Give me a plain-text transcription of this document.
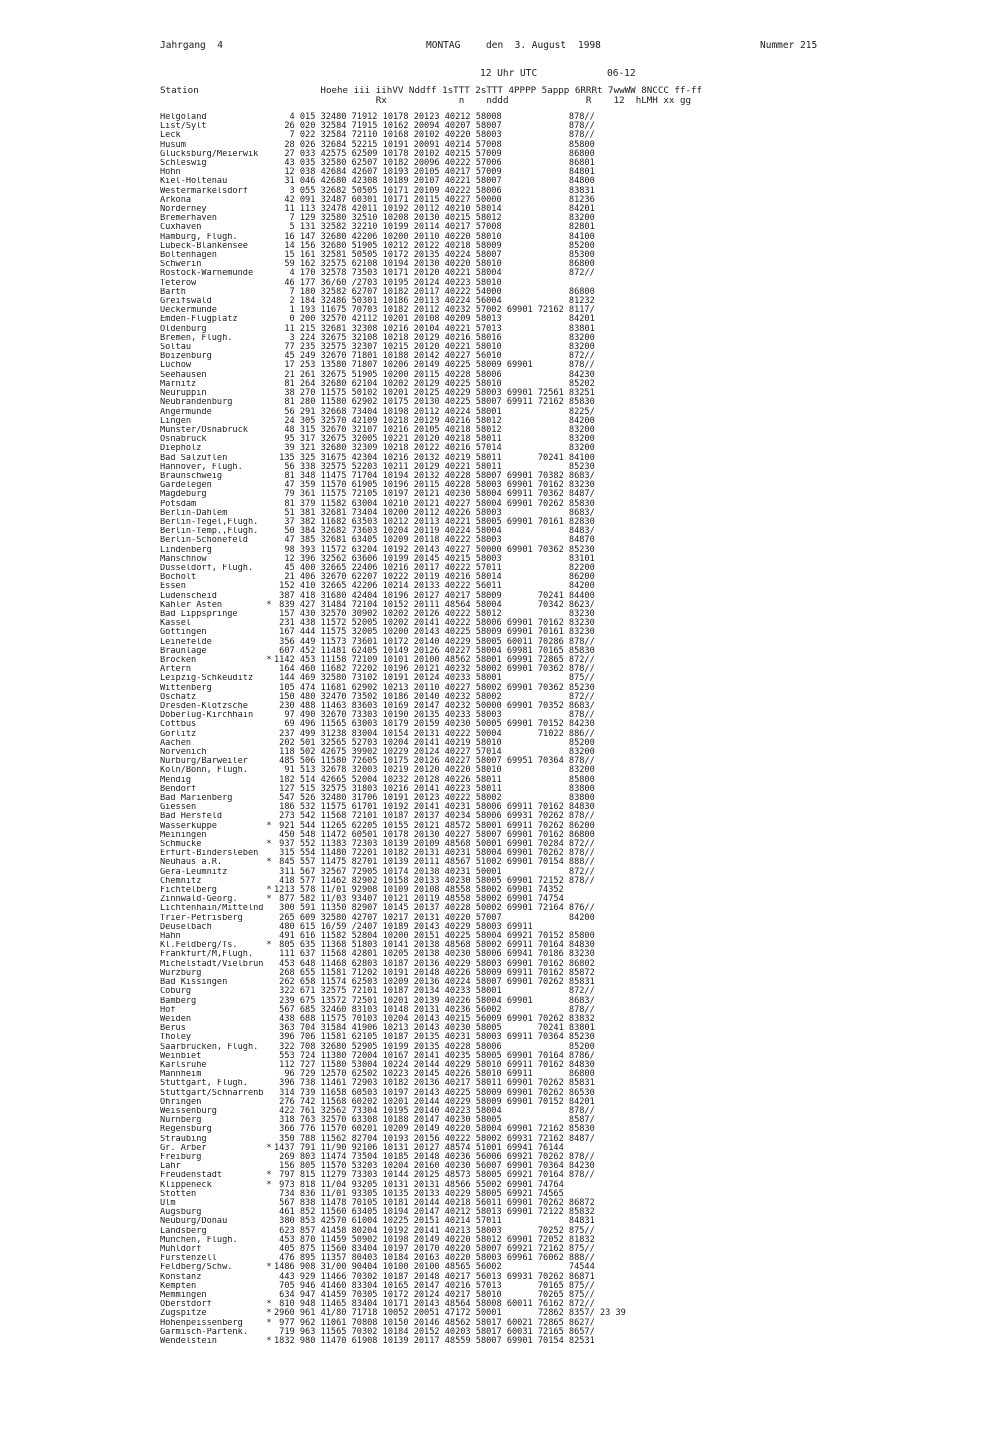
Jahrgang  4	MONTAG	den  3. August 1998	Nummer 215
12 Uhr UTC	06-12
Station                      Hoehe iii iihVV Nddff 1sTTT 2sTTT 4PPPP 5appp 6RRRt 7wwWW 8NCCC ff-ff
Rx             n    nddd              R    12  hLMH xx gg
Helgoland	4 015 32480 71912 10178 20123 40212 58008             878//
List/Sylt	26 020 32584 71915 10162 20094 40207 58007             878//
Leck	7 022 32584 72110 10168 20102 40220 58003             878//
Husum	28 026 32684 52215 10191 20091 40214 57008             85800
Glücksburg/Meierwik	27 033 42575 62509 10178 20102 40215 57009             86800
Schleswig	43 035 32580 62507 10182 20096 40222 57006             86801
Hohn	12 038 42684 42607 10193 20105 40217 57009             84801
Kiel-Holtenau	31 046 42680 42308 10189 20107 40221 58007             84800
Westermarkelsdorf	3 055 32682 50505 10171 20109 40222 58006             83831
Arkona	42 091 32487 60301 10171 20115 40227 50000             81236
Norderney	11 113 32478 42011 10192 20112 40210 58014             84201
Bremerhaven	7 129 32580 32510 10208 20130 40215 58012             83200
Cuxhaven	5 131 32582 32210 10199 20114 40217 57008             82801
Hamburg, Flugh.	16 147 32680 42206 10200 20110 40220 58010             84100
Lübeck-Blankensee	14 156 32680 51905 10212 20122 40218 58009             85200
Boltenhagen	15 161 32581 50505 10172 20135 40224 58007             85300
Schwerin	59 162 32575 62108 10194 20130 40220 58010             86800
Rostock-Warnemünde	4 170 32578 73503 10171 20120 40221 58004             872//
Teterow	46 177 36/60 /2703 10195 20124 40223 58010
Barth	7 180 32582 62707 10182 20117 40222 54000             86800
Greifswald	2 184 32486 50301 10186 20113 40224 56004             81232
Ueckermünde	1 193 11675 70703 10182 20112 40232 57002 69901 72162 8117/
Emden-Flugplatz	0 200 32570 42112 10201 20108 40209 58013             84201
Oldenburg	11 215 32681 32308 10216 20104 40221 57013             83801
Bremen, Flugh.	3 224 32675 32108 10218 20129 40216 58016             83200
Soltau	77 235 32575 32307 10215 20120 40221 58010             83200
Boizenburg	45 249 32670 71801 10188 20142 40227 56010             872//
Lüchow	17 253 13580 71807 10206 20149 40225 58009 69901       878//
Seehausen	21 261 32675 51905 10200 20115 40228 58006             84230
Marnitz	81 264 32680 62104 10202 20129 40225 58010             85202
Neuruppin	38 270 11575 50102 10201 20125 40229 58003 69901 72561 83251
Neubrandenburg	81 280 11580 62902 10175 20130 40225 58007 69911 72162 85830
Angermünde	56 291 32668 73404 10198 20112 40224 58001             8225/
Lingen	24 305 32570 42109 10218 20129 40216 58012             84200
Münster/Osnabrück	48 315 32670 32107 10216 20105 40218 58012             83200
Osnabrück	95 317 32675 32005 10221 20120 40218 58011             83200
Diepholz	39 321 32680 32309 10218 20122 40216 57014             83200
Bad Salzuflen	135 325 31675 42304 10216 20132 40219 58011       70241 84100
Hannover, Flugh.	56 338 32575 52203 10211 20129 40221 58011             85230
Braunschweig	81 348 11475 71704 10194 20132 40228 58007 69901 70382 8683/
Gardelegen	47 359 11570 61905 10196 20115 40228 58003 69901 70162 83230
Magdeburg	79 361 11575 72105 10197 20121 40230 58004 69911 70362 8487/
Potsdam	81 379 11582 63004 10210 20121 40227 58004 69901 70262 85830
Berlin-Dahlem	51 381 32681 73404 10200 20112 40226 58003             8683/
Berlin-Tegel,Flugh.	37 382 11682 63503 10212 20113 40221 58005 69901 70161 82830
Berlin-Temp.,Flugh.	50 384 32682 73603 10204 20119 40224 58004             8483/
Berlin-Schönefeld	47 385 32681 63405 10209 20118 40222 58003             84870
Lindenberg	98 393 11572 63204 10192 20143 40227 50000 69901 70362 85230
Manschnow	12 396 32562 63606 10199 20145 40215 58003             83101
Düsseldorf, Flugh.	45 400 32665 22406 10216 20117 40222 57011             82200
Bocholt	21 406 32670 62207 10222 20119 40216 58014             86200
Essen	152 410 32665 42206 10214 20133 40222 56011             84200
Lüdenscheid	387 418 31680 42404 10196 20127 40217 58009       70241 84400
Kahler Asten	* 839 427 31484 72104 10152 20111 48564 58004       70342 8623/
Bad Lippspringe	157 430 32570 30902 10202 20126 40222 58012             83230
Kassel	231 438 11572 52005 10202 20141 40222 58006 69901 70162 83230
Göttingen	167 444 11575 32005 10200 20143 40225 58009 69901 70161 83230
Leinefelde	356 449 11573 73601 10172 20140 40229 58005 60011 70286 878//
Braunlage	607 452 11481 62405 10149 20126 40227 58004 69981 70165 85830
Brocken	* 1142 453 11158 72109 10101 20100 48562 58001 69991 72865 872//
Artern	164 460 11682 72202 10196 20121 40232 58002 69901 70362 878//
Leipzig-Schkeuditz	144 469 32580 73102 10191 20124 40233 58001             875//
Wittenberg	105 474 11681 62902 10213 20110 40227 58002 69901 70362 85230
Oschatz	150 480 32470 73502 10186 20140 40232 58002             872//
Dresden-Klotzsche	230 488 11463 83603 10169 20147 40232 50000 69901 70352 8683/
Doberlug-Kirchhain	97 490 32670 73303 10190 20135 40233 58003             878//
Cottbus	69 496 11565 63003 10179 20159 40230 50005 69901 70152 84230
Görlitz	237 499 31238 83004 10154 20131 40222 50004       71022 886//
Aachen	202 501 32565 52703 10204 20141 40219 58010             85200
Nörvenich	118 502 42675 39902 10229 20124 40227 57014             83200
Nürburg/Barweiler	485 506 11580 72605 10175 20126 40227 58007 69951 70364 878//
Köln/Bonn, Flugh.	91 513 32678 32003 10219 20120 40220 58010             83200
Mendig	182 514 42665 52004 10232 20128 40226 58011             85800
Bendorf	127 515 32575 31803 10216 20141 40223 58011             83800
Bad Marienberg	547 526 32480 31706 10191 20123 40222 58002             83800
Giessen	186 532 11575 61701 10192 20141 40231 58006 69911 70162 84830
Bad Hersfeld	273 542 11568 72101 10187 20137 40234 58006 69931 70262 878//
Wasserkuppe	* 921 544 11265 62205 10155 20121 48572 58001 69911 70262 86200
Meiningen	450 548 11472 60501 10178 20130 40227 58007 69901 70162 86800
Schmücke	* 937 552 11383 72303 10139 20109 48568 50001 69901 70284 872//
Erfurt-Bindersleben	315 554 11480 72201 10182 20131 40231 58004 69901 70262 878//
Neuhaus a.R.	* 845 557 11475 82701 10139 20111 48567 51002 69901 70154 888//
Gera-Leumnitz	311 567 32567 72905 10174 20138 40231 50001             872//
Chemnitz	418 577 11462 82902 10158 20133 40230 58005 69901 72152 878//
Fichtelberg	* 1213 578 11/01 92908 10109 20108 48558 58002 69901 74352
Zinnwald-Georg.	* 877 582 11/03 93407 10121 20119 48558 58002 69901 74754
Lichtenhain/Mittelnd 300 591 11350 82907 10145 20137 40228 50002 69901 72164 876//
Trier-Petrisberg	265 609 32580 42707 10217 20131 40220 57007             84200
Deuselbach	480 615 16/59 /2407 10189 20143 40229 58003 69911
Hahn	491 616 11582 52804 10200 20151 40225 58004 69921 70152 85800
Kl.Feldberg/Ts.	* 805 635 11368 51803 10141 20138 48568 58002 69911 70164 84830
Frankfurt/M,Flugh.	111 637 11568 42801 10205 20138 40230 58006 69941 70186 83230
Michelstadt/Vielbrun 453 648 11468 62803 10187 20136 40229 58003 69901 70162 86802
Würzburg	268 655 11581 71202 10191 20148 40226 58009 69911 70162 85872
Bad Kissingen	262 658 11574 62503 10209 20136 40224 58007 69901 70262 85831
Coburg	322 671 32575 72101 10187 20134 40233 58001             872//
Bamberg	239 675 13572 72501 10201 20139 40226 58004 69901       8683/
Hof	567 685 32460 83103 10148 20131 40236 56002             878//
Weiden	438 688 11575 70103 10204 20143 40215 56009 69901 70262 83832
Berus	363 704 31584 41906 10213 20143 40230 58005       70241 83801
Tholey	396 706 11581 62105 10187 20135 40231 58003 69911 70364 85230
Saarbrücken, Flugh.	322 708 32680 52905 10199 20135 40228 58006             85200
Weinbiet	553 724 11380 72004 10167 20141 40235 58005 69901 70164 8786/
Karlsruhe	112 727 11580 53004 10224 20144 40229 58010 69911 70162 84830
Mannheim	96 729 12570 62502 10223 20145 40226 58010 69911       86800
Stuttgart, Flugh.	396 738 11461 72903 10182 20136 40217 58011 69901 70262 85831
Stuttgart/Schnarrenb 314 739 11658 60503 10197 20143 40225 58009 69901 70262 86530
Öhringen	276 742 11568 60202 10201 20144 40229 58009 69901 70152 84201
Weissenburg	422 761 32562 73304 10195 20140 40223 58004             878//
Nürnberg	318 763 32570 63308 10188 20147 40230 58005             8587/
Regensburg	366 776 11570 60201 10209 20149 40220 58004 69901 72162 85830
Straubing	350 788 11562 82704 10193 20156 40222 58002 69931 72162 8487/
Gr. Arber	* 1437 791 11/90 92106 10131 20127 48574 51001 69941 76144
Freiburg	269 803 11474 73504 10185 20148 40236 56006 69921 70262 878//
Lahr	156 805 11570 53203 10204 20160 40230 56007 69901 70364 84230
Freudenstadt	* 797 815 11279 73303 10144 20125 48573 58005 69921 70164 878//
Klippeneck	* 973 818 11/04 93205 10131 20131 48566 55002 69901 74764
Stötten	734 836 11/01 93305 10135 20133 40229 58005 69921 74565
Ulm	567 838 11478 70105 10181 20144 40218 56011 69901 70262 86872
Augsburg	461 852 11560 63405 10194 20147 40212 58013 69901 72122 85832
Neuburg/Donau	380 853 42570 61004 10225 20151 40214 57011             84831
Landsberg	623 857 41458 80204 10192 20141 40213 58003       70252 875//
München, Flugh.	453 870 11459 50902 10198 20149 40220 58012 69901 72052 81832
Mühldorf	405 875 11560 83404 10197 20170 40220 58007 69921 72162 875//
Fürstenzell	476 895 11357 80403 10184 20163 40220 58003 69961 76062 888//
Feldberg/Schw.	* 1486 908 31/00 90404 10100 20100 48565 56002             74544
Konstanz	443 929 11466 70302 10187 20148 40217 56013 69931 70262 86871
Kempten	705 946 41460 83304 10165 20147 40216 57013       70165 875//
Memmingen	634 947 41459 70305 10172 20124 40217 58010       70265 875//
Oberstdorf	* 810 948 11465 83404 10171 20143 48564 58008 60011 76162 872//
Zugspitze	* 2960 961 41/80 71718 10052 20051 47172 50001       72862 8357/ 23 39
Hohenpeissenberg	* 977 962 11061 70808 10150 20146 48562 58017 60021 72865 8627/
Garmisch-Partenk.	719 963 11565 70302 10184 20152 40203 58017 60031 72165 8657/
Wendelstein	* 1832 980 11470 61908 10139 20117 48559 58007 69901 70154 82531
